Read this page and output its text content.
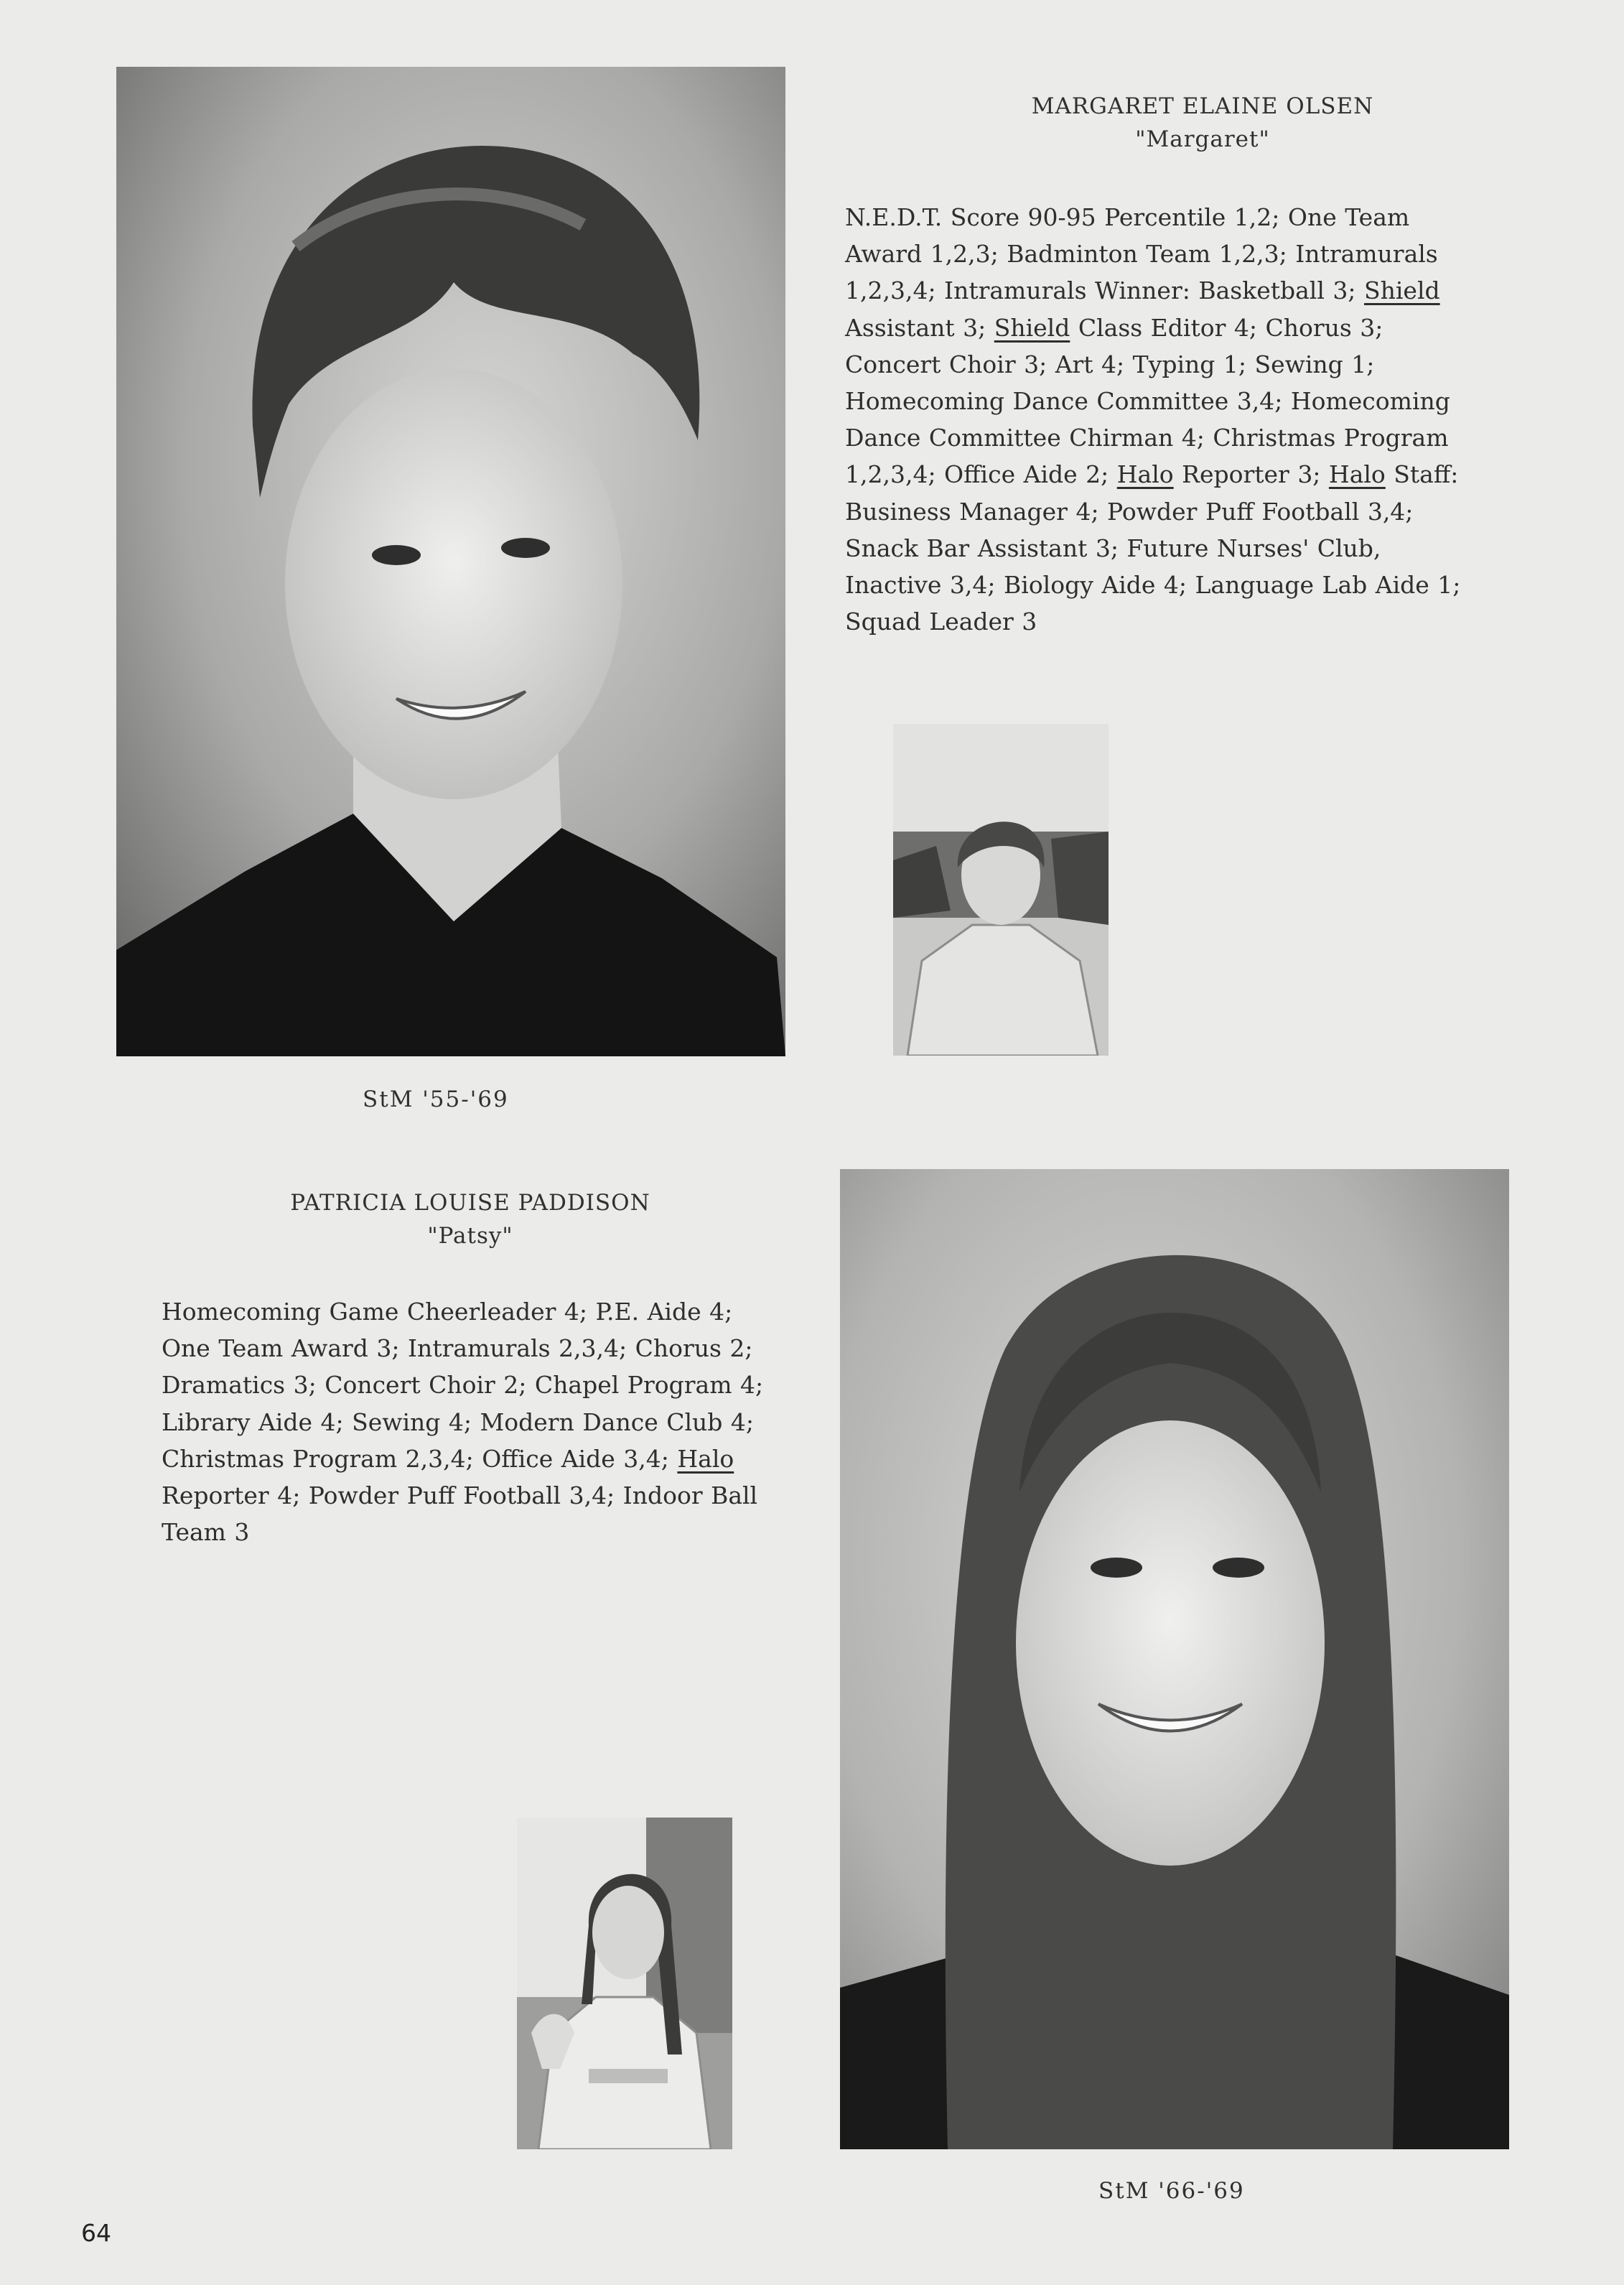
MARGARET ELAINE OLSEN
"Margaret"
N.E.D.T. Score 90-95 Percentile 1,2; One Team Award 1,2,3; Badminton Team 1,2,3; Intramurals 1,2,3,4; Intramurals Winner: Basketball 3; Shield Assistant 3; Shield Class Editor 4; Chorus 3; Concert Choir 3; Art 4; Typing 1; Sewing 1; Homecoming Dance Committee 3,4; Homecoming Dance Committee Chirman 4; Christmas Program 1,2,3,4; Office Aide 2; Halo Reporter 3; Halo Staff: Business Manager 4; Powder Puff Football 3,4; Snack Bar Assistant 3; Future Nurses' Club, Inactive 3,4; Biology Aide 4; Language Lab Aide 1; Squad Leader 3
StM '55-'69
PATRICIA LOUISE PADDISON
"Patsy"
Homecoming Game Cheerleader 4; P.E. Aide 4; One Team Award 3; Intramurals 2,3,4; Chorus 2; Dramatics 3; Concert Choir 2; Chapel Program 4; Library Aide 4; Sewing 4; Modern Dance Club 4; Christmas Program 2,3,4; Office Aide 3,4; Halo Reporter 4; Powder Puff Football 3,4; Indoor Ball Team 3
StM '66-'69
64
